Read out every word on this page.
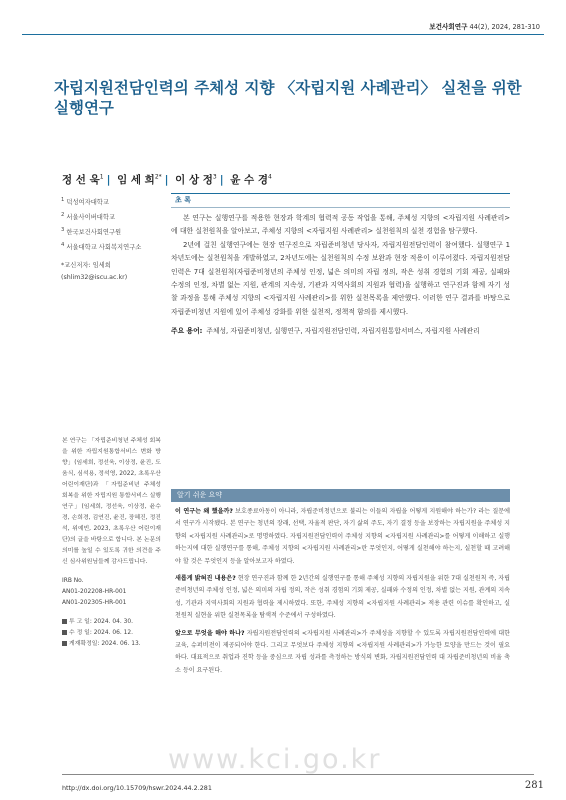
보건사회연구 44(2), 2024, 281-310
자립지원전담인력의 주체성 지향 〈자립지원 사례관리〉 실천을 위한 실행연구
정 선 욱$^1$ | 임 세 희$^{2*}$ | 이 상 정$^3$ | 윤 수 경$^4$
$^1$ 덕성여자대학교
$^2$ 서울사이버대학교
$^3$ 한국보건사회연구원
$^4$ 서울대학교 사회복지연구소
*교신저자: 임세희
(shlim32@iscu.ac.kr)
초 록

본 연구는 실행연구를 적용한 현장과 학계의 협력적 공동 작업을 통해, 주체성 지향의 <자립지원 사례관리>에 대한 실천원칙을 알아보고, 주체성 지향의 <자립지원 사례관리> 실천원칙의 실천 경험을 탐구했다.

2년에 걸친 실행연구에는 현장 연구진으로 자립준비청년 당사자, 자립지원전담인력이 참여했다. 실행연구 1차년도에는 실천원칙을 개발하였고, 2차년도에는 실천원칙의 수정 보완과 현장 적용이 이루어졌다. 자립지원전담인력은 7대 실천원칙(자립준비청년의 주체성 인정, 넓은 의미의 자립 정의, 작은 성취 경험의 기회 제공, 실패와 수정의 인정, 차별 없는 지원, 관계의 지속성, 기관과 지역사회의 지원과 협력)을 실행하고 연구진과 함께 자기 성찰 과정을 통해 주체성 지향의 <자립지원 사례관리>를 위한 실천목록을 제안했다. 이러한 연구 결과를 바탕으로 자립준비청년 지원에 있어 주체성 강화를 위한 실천적, 정책적 함의를 제시했다.

주요 용어: 주체성, 자립준비청년, 실행연구, 자립지원전담인력, 자립지원통합서비스, 자립지원 사례관리
본 연구는 「자립준비청년 주체성 회복을 위한 자립지원통합서비스 변화 방향」(임세희, 정선욱, 이상정, 윤진, 도움식, 심석용, 정석영, 2022, 초록우산 어린이재단)과 「자립준비년 주체성 회복을 위한 자립지원 통합서비스 실행연구」(임세희, 정선욱, 이상정, 윤수경, 손희경, 김연진, 윤진, 장혜진, 정진석, 위예빈, 2023, 초록우산 어린이재단)의 글을 바탕으로 합니다. 본 논문의 의미를 높일 수 있도록 귀한 의견을 주신 심사위원님들께 감사드립니다.
IRB No.
AN01-202208-HR-001
AN01-202305-HR-001
투 고 일: 2024. 04. 30.
수 정 일: 2024. 06. 12.
게재확정일: 2024. 06. 13.
알기 쉬운 요약

이 연구는 왜 했을까? 보호종료아동이 아니라, 자립준비청년으로 불리는 이들의 자립을 어떻게 지원해야 하는가? 라는 질문에서 연구가 시작됐다. 본 연구는 청년의 장래, 선택, 자율적 판단, 자기 삶의 주도, 자기 결정 등을 보장하는 자립지원을 주체성 지향의 <자립지원 사례관리>로 명명하였다. 자립지원전담인력이 주체성 지향의 <자립지원 사례관리>를 어떻게 이해하고 실행하는지에 대한 실행연구를 통해, 주체성 지향의 <자립지원 사례관리>란 무엇인지, 어떻게 실천해야 하는지, 실천할 때 고려해야 할 것은 무엇인지 등을 알아보고자 하였다.

새롭게 밝혀진 내용은? 현장 연구진과 함께 한 2년간의 실행연구를 통해 주체성 지향의 자립지원을 위한 7대 실천원칙 즉, 자립준비청년의 주체성 인정, 넓은 의미의 자립 정의, 작은 성취 경험의 기회 제공, 실패와 수정의 인정, 차별 없는 지원, 관계의 지속성, 기관과 지역사회의 지원과 협력을 제시하였다. 또한, 주체성 지향의 <자립지원 사례관리> 적용 관련 이슈를 확인하고, 실천원칙 실현을 위한 실천목록을 탐색적 수준에서 구성하였다.

앞으로 무엇을 해야 하나? 자립지원전담인력의 <자립지원 사례관리>가 주체성을 지향할 수 있도록 자립지원전담인력에 대한 교육, 슈퍼비전이 제공되어야 한다. 그리고 무엇보다 주체성 지향의 <자립지원 사례관리>가 가능한 토양을 만드는 것이 필요하다. 대표적으로 취업과 진학 등을 중심으로 자립 성과를 측정하는 방식의 변화, 자립지원전담인력 대 자립준비청년의 비율 축소 등이 요구된다.

www.kci.go.kr
http://dx.doi.org/10.15709/hswr.2024.44.2.281	281
